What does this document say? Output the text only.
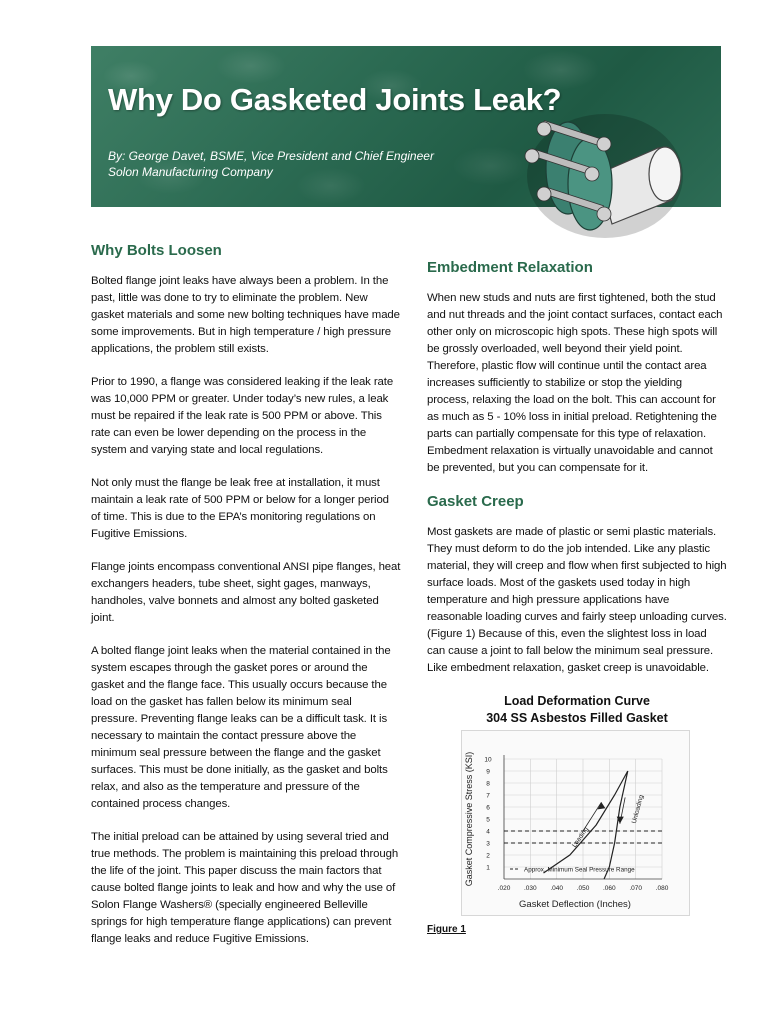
Why Do Gasketed Joints Leak?
By: George Davet, BSME, Vice President and Chief Engineer
Solon Manufacturing Company
Why Bolts Loosen

Bolted flange joint leaks have always been a problem. In the past, little was done to try to eliminate the problem. New gasket materials and some new bolting techniques have made some improvements. But in high temperature / high pressure applications, the problem still exists.

Prior to 1990, a flange was considered leaking if the leak rate was 10,000 PPM or greater. Under today’s new rules, a leak must be repaired if the leak rate is 500 PPM or above. This rate can even be lower depending on the process in the system and varying state and local regulations.

Not only must the flange be leak free at installation, it must maintain a leak rate of 500 PPM or below for a longer period of time. This is due to the EPA’s monitoring regulations on Fugitive Emissions.

Flange joints encompass conventional ANSI pipe flanges, heat exchangers headers, tube sheet, sight gages, manways, handholes, valve bonnets and almost any bolted gasketed joint.

A bolted flange joint leaks when the material contained in the system escapes through the gasket pores or around the gasket and the flange face. This usually occurs because the load on the gasket has fallen below its minimum seal pressure. Preventing flange leaks can be a difficult task. It is necessary to maintain the contact pressure above the minimum seal pressure between the flange and the gasket surfaces. This must be done initially, as the gasket and bolts relax, and also as the temperature and pressure of the contained process changes.

The initial preload can be attained by using several tried and true methods. The problem is maintaining this preload through the life of the joint. This paper discuss the main factors that cause bolted flange joints to leak and how and why the use of Solon Flange Washers® (specially engineered Belleville springs for high temperature flange applications) can prevent flange leaks and reduce Fugitive Emissions.

Embedment Relaxation

When new studs and nuts are first tightened, both the stud and nut threads and the joint contact surfaces, contact each other only on microscopic high spots. These high spots will be grossly overloaded, well beyond their yield point. Therefore, plastic flow will continue until the contact area increases sufficiently to stabilize or stop the yielding process, relaxing the load on the bolt. This can account for as much as 5 - 10% loss in initial preload. Retightening the parts can partially compensate for this type of relaxation. Embedment relaxation is virtually unavoidable and cannot be prevented, but you can compensate for it.

Gasket Creep

Most gaskets are made of plastic or semi plastic materials. They must deform to do the job intended. Like any plastic material, they will creep and flow when first subjected to high surface loads. Most of the gaskets used today in high temperature and high pressure applications have reasonable loading curves and fairly steep unloading curves. (Figure 1) Because of this, even the slightest loss in load can cause a joint to fall below the minimum seal pressure. Like embedment relaxation, gasket creep is unavoidable.

Load Deformation Curve
304 SS Asbestos Filled Gasket
.020 .030 .040 .050 .060 .070 .080
1
2
3
4
5
6
7
8
9
10
Gasket Deflection (Inches)
Gasket Compressive Stress (KSI)	Approx. Minimum Seal Pressure Range
Loading
Unloading
Figure 1
